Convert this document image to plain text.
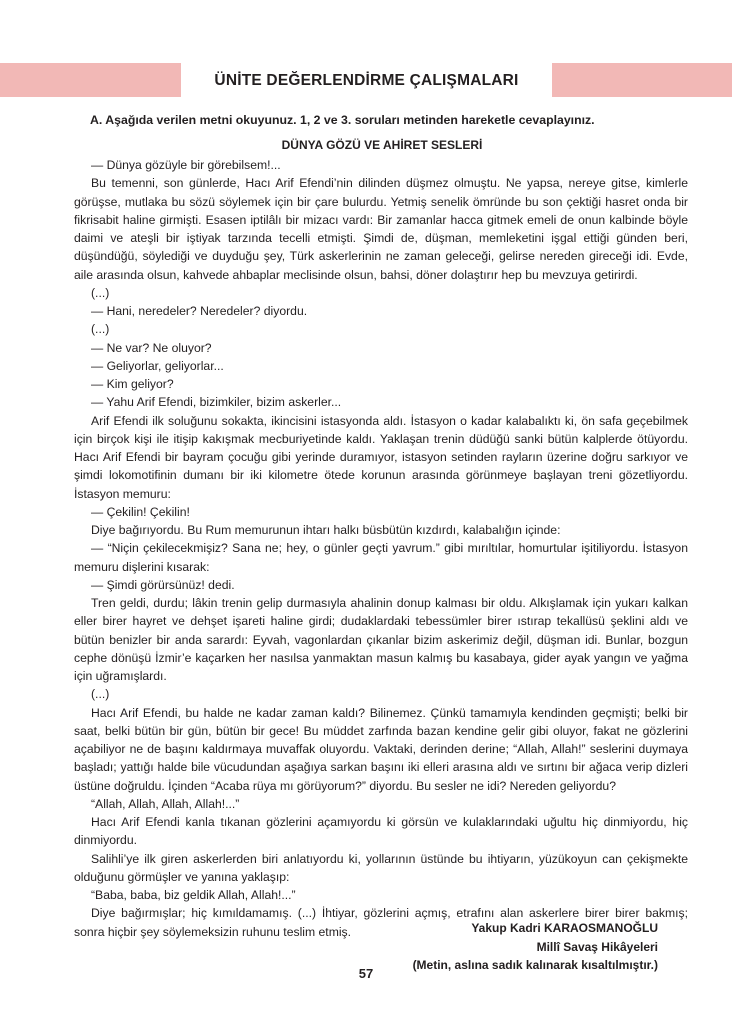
ÜNİTE DEĞERLENDİRME ÇALIŞMALARI
A. Aşağıda verilen metni okuyunuz. 1, 2 ve 3. soruları metinden hareketle cevaplayınız.
DÜNYA GÖZÜ VE AHİRET SESLERİ

— Dünya gözüyle bir görebilsem!...

Bu temenni, son günlerde, Hacı Arif Efendi’nin dilinden düşmez olmuştu. Ne yapsa, nereye gitse, kimlerle görüşse, mutlaka bu sözü söylemek için bir çare bulurdu. Yetmiş senelik ömründe bu son çektiği hasret onda bir fikrisabit haline girmişti. Esasen iptilâlı bir mizacı vardı: Bir zamanlar hacca gitmek emeli de onun kalbinde böyle daimi ve ateşli bir iştiyak tarzında tecelli etmişti. Şimdi de, düşman, memleketini işgal ettiği günden beri, düşündüğü, söylediği ve duyduğu şey, Türk askerlerinin ne zaman geleceği, gelirse nereden gireceği idi. Evde, aile arasında olsun, kahvede ahbaplar meclisinde olsun, bahsi, döner dolaştırır hep bu mevzuya getirirdi.

(...)

— Hani, neredeler? Neredeler? diyordu.

(...)

— Ne var? Ne oluyor?

— Geliyorlar, geliyorlar...

— Kim geliyor?

— Yahu Arif Efendi, bizimkiler, bizim askerler...

Arif Efendi ilk soluğunu sokakta, ikincisini istasyonda aldı. İstasyon o kadar kalabalıktı ki, ön safa geçebilmek için birçok kişi ile itişip kakışmak mecburiyetinde kaldı. Yaklaşan trenin düdüğü sanki bütün kalplerde ötüyordu. Hacı Arif Efendi bir bayram çocuğu gibi yerinde duramıyor, istasyon setinden rayların üzerine doğru sarkıyor ve şimdi lokomotifinin dumanı bir iki kilometre ötede korunun arasında görünmeye başlayan treni gözetliyordu. İstasyon memuru:

— Çekilin! Çekilin!

Diye bağırıyordu. Bu Rum memurunun ihtarı halkı büsbütün kızdırdı, kalabalığın içinde:

— “Niçin çekilecekmişiz? Sana ne; hey, o günler geçti yavrum.” gibi mırıltılar, homurtular işitiliyordu. İstasyon memuru dişlerini kısarak:

— Şimdi görürsünüz! dedi.

Tren geldi, durdu; lâkin trenin gelip durmasıyla ahalinin donup kalması bir oldu. Alkışlamak için yukarı kalkan eller birer hayret ve dehşet işareti haline girdi; dudaklardaki tebessümler birer ıstırap tekallüsü şeklini aldı ve bütün benizler bir anda sarardı: Eyvah, vagonlardan çıkanlar bizim askerimiz değil, düşman idi. Bunlar, bozgun cephe dönüşü İzmir’e kaçarken her nasılsa yanmaktan masun kalmış bu kasabaya, gider ayak yangın ve yağma için uğramışlardı.

(...)

Hacı Arif Efendi, bu halde ne kadar zaman kaldı? Bilinemez. Çünkü tamamıyla kendinden geçmişti; belki bir saat, belki bütün bir gün, bütün bir gece! Bu müddet zarfında bazan kendine gelir gibi oluyor, fakat ne gözlerini açabiliyor ne de başını kaldırmaya muvaffak oluyordu. Vaktaki, derinden derine; “Allah, Allah!” seslerini duymaya başladı; yattığı halde bile vücudundan aşağıya sarkan başını iki elleri arasına aldı ve sırtını bir ağaca verip dizleri üstüne doğruldu. İçinden “Acaba rüya mı görüyorum?” diyordu. Bu sesler ne idi? Nereden geliyordu?

“Allah, Allah, Allah, Allah!...”

Hacı Arif Efendi kanla tıkanan gözlerini açamıyordu ki görsün ve kulaklarındaki uğultu hiç dinmiyordu, hiç dinmiyordu.

Salihli’ye ilk giren askerlerden biri anlatıyordu ki, yollarının üstünde bu ihtiyarın, yüzükoyun can çekişmekte olduğunu görmüşler ve yanına yaklaşıp:

“Baba, baba, biz geldik Allah, Allah!...”

Diye bağırmışlar; hiç kımıldamamış. (...) İhtiyar, gözlerini açmış, etrafını alan askerlere birer birer bakmış; sonra hiçbir şey söylemeksizin ruhunu teslim etmiş.	Yakup Kadri KARAOSMANOĞLU
Millî Savaş Hikâyeleri
(Metin, aslına sadık kalınarak kısaltılmıştır.)
57
